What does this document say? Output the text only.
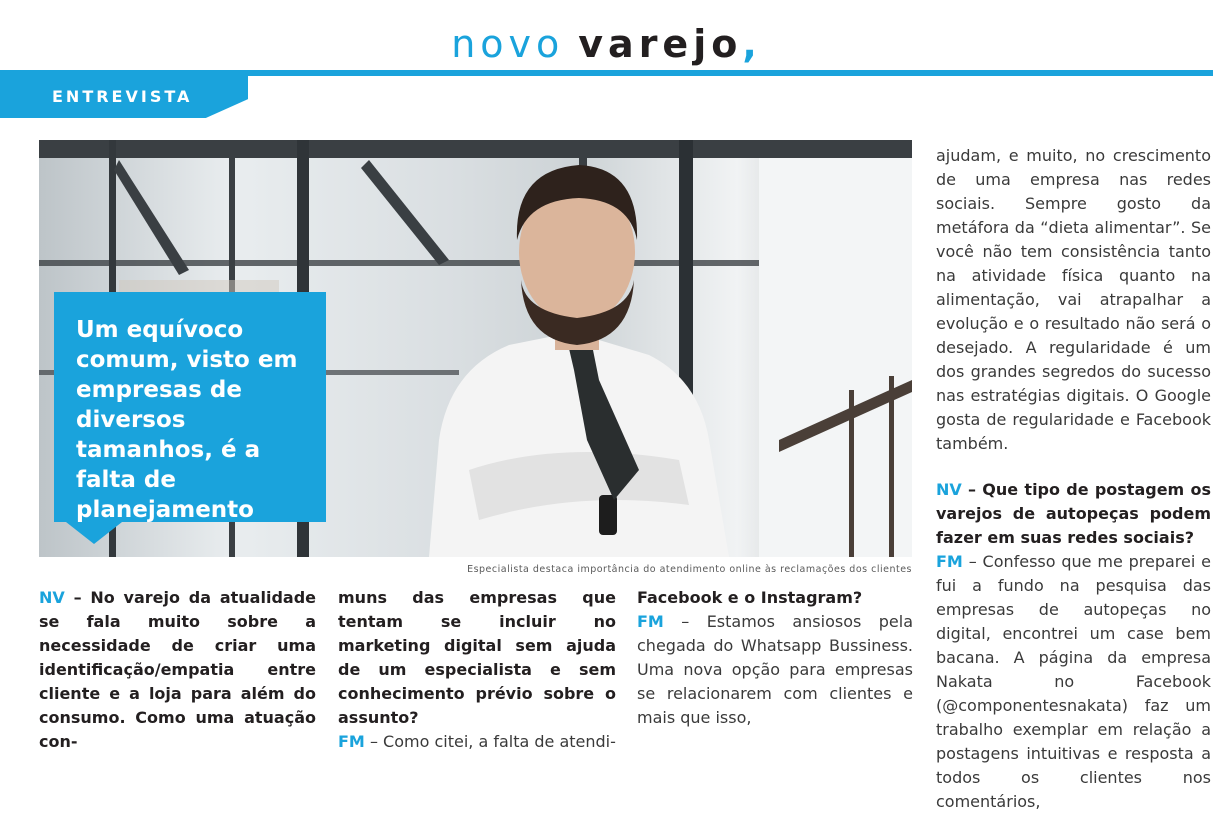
novo varejo,
ENTREVISTA
Um equívoco comum, visto em empresas de diversos tamanhos, é a falta de planejamento
Especialista destaca importância do atendimento online às reclamações dos clientes

NV – No varejo da atualidade se fala muito sobre a necessidade de criar uma identificação/empatia entre cliente e a loja para além do consumo. Como uma atuação con-

muns das empresas que tentam se incluir no marketing digital sem ajuda de um especialista e sem conhecimento prévio sobre o assunto?

FM – Como citei, a falta de atendi-

Facebook e o Instagram?

FM – Estamos ansiosos pela chegada do Whatsapp Bussiness. Uma nova opção para empresas se relacionarem com clientes e mais que isso,

ajudam, e muito, no crescimento de uma empresa nas redes sociais. Sempre gosto da metáfora da “dieta alimentar”. Se você não tem consistência tanto na atividade física quanto na alimentação, vai atrapalhar a evolução e o resultado não será o desejado. A regularidade é um dos grandes segredos do sucesso nas estratégias digitais. O Google gosta de regularidade e Facebook também.

NV – Que tipo de postagem os varejos de autopeças podem fazer em suas redes sociais?

FM – Confesso que me preparei e fui a fundo na pesquisa das empresas de autopeças no digital, encontrei um case bem bacana. A página da empresa Nakata no Facebook (@componentesnakata) faz um trabalho exemplar em relação a postagens intuitivas e resposta a todos os clientes nos comentários,
